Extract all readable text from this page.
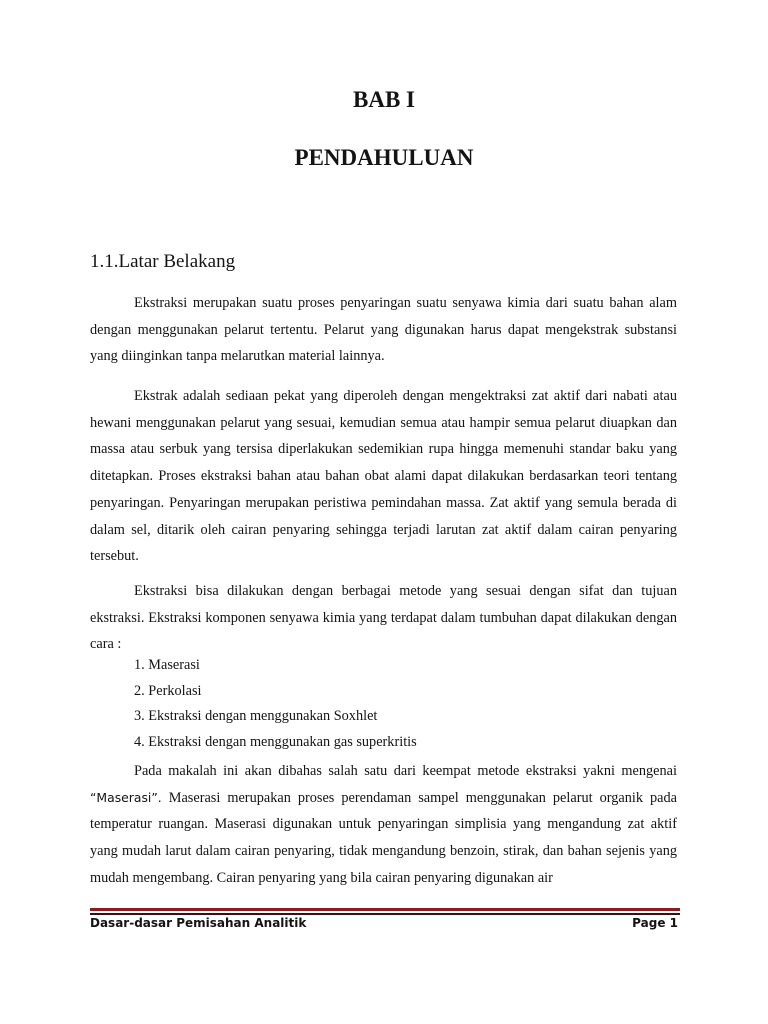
BAB I
PENDAHULUAN
1.1.Latar Belakang

Ekstraksi merupakan suatu proses penyaringan suatu senyawa kimia dari suatu bahan alam dengan menggunakan pelarut tertentu. Pelarut yang digunakan harus dapat mengekstrak substansi yang diinginkan tanpa melarutkan material lainnya.

Ekstrak adalah sediaan pekat yang diperoleh dengan mengektraksi zat aktif dari nabati atau hewani menggunakan pelarut yang sesuai, kemudian semua atau hampir semua pelarut diuapkan dan massa atau serbuk yang tersisa diperlakukan sedemikian rupa hingga memenuhi standar baku yang ditetapkan. Proses ekstraksi bahan atau bahan obat alami dapat dilakukan berdasarkan teori tentang penyaringan. Penyaringan merupakan peristiwa pemindahan massa. Zat aktif yang semula berada di dalam sel, ditarik oleh cairan penyaring sehingga terjadi larutan zat aktif dalam cairan penyaring tersebut.

Ekstraksi bisa dilakukan dengan berbagai metode yang sesuai dengan sifat dan tujuan ekstraksi. Ekstraksi komponen senyawa kimia yang terdapat dalam tumbuhan dapat dilakukan dengan cara :

1. Maserasi
2. Perkolasi
3. Ekstraksi dengan menggunakan Soxhlet
4. Ekstraksi dengan menggunakan gas superkritis

Pada makalah ini akan dibahas salah satu dari keempat metode ekstraksi yakni mengenai “Maserasi”. Maserasi merupakan proses perendaman sampel menggunakan pelarut organik pada temperatur ruangan. Maserasi digunakan untuk penyaringan simplisia yang mengandung zat aktif yang mudah larut dalam cairan penyaring, tidak mengandung benzoin, stirak, dan bahan sejenis yang mudah mengembang. Cairan penyaring yang bila cairan penyaring digunakan air

Dasar-dasar Pemisahan Analitik	Page 1
